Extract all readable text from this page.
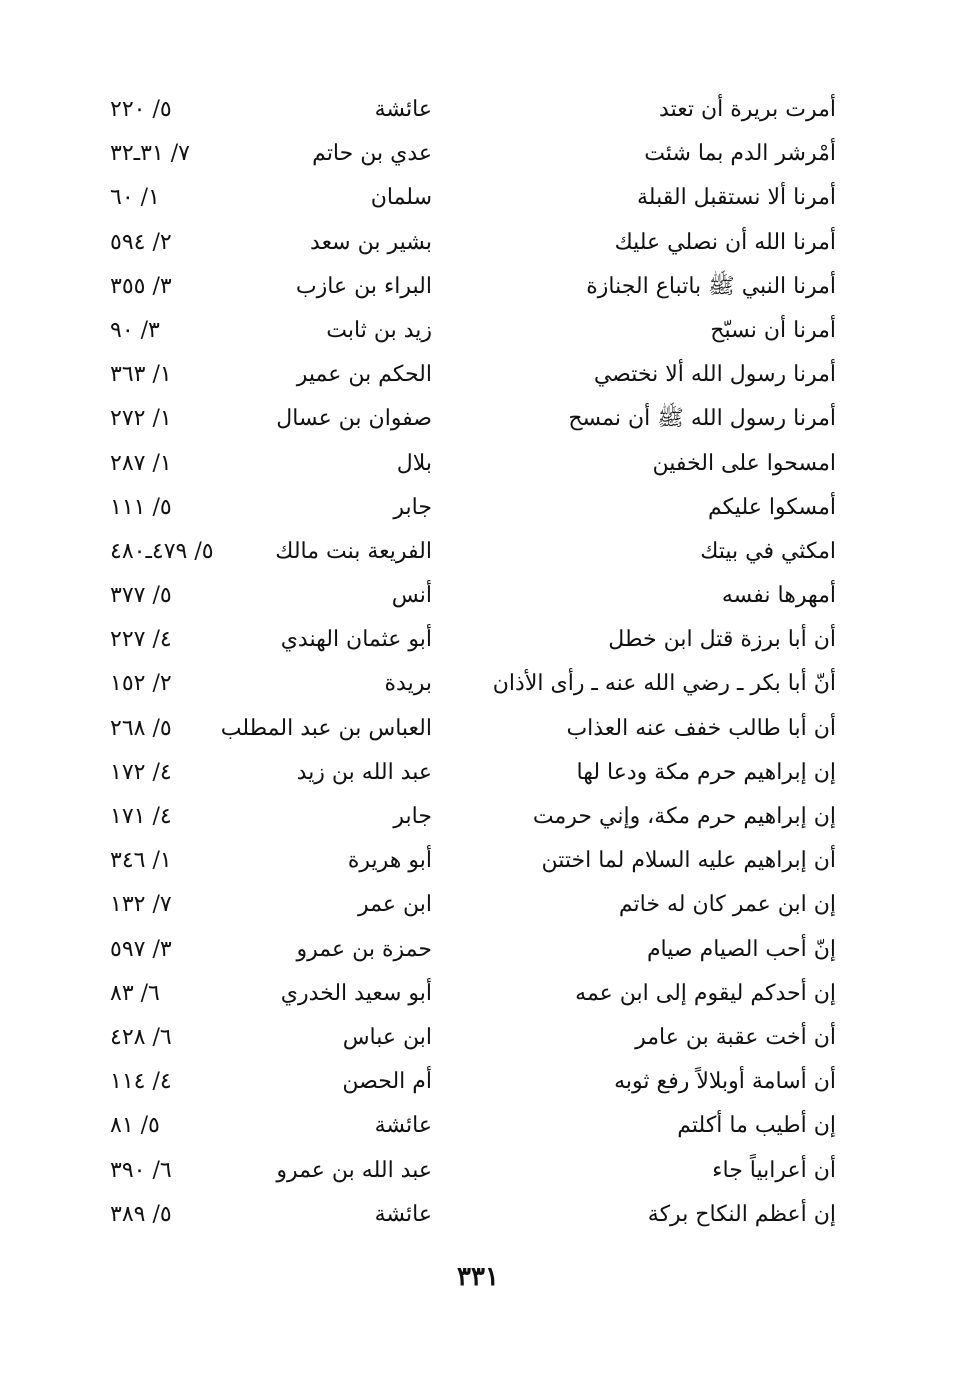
أمرت بريرة أن تعتد
عائشة
٥/ ٢٢٠
أمْرشر الدم بما شئت
عدي بن حاتم
٧/ ٣١ـ٣٢
أمرنا ألا نستقبل القبلة
سلمان
١/ ٦٠
أمرنا الله أن نصلي عليك
بشير بن سعد
٢/ ٥٩٤
أمرنا النبي ﷺ باتباع الجنازة
البراء بن عازب
٣/ ٣٥٥
أمرنا أن نسبّح
زيد بن ثابت
٣/ ٩٠
أمرنا رسول الله ألا نختصي
الحكم بن عمير
١/ ٣٦٣
أمرنا رسول الله ﷺ أن نمسح
صفوان بن عسال
١/ ٢٧٢
امسحوا على الخفين
بلال
١/ ٢٨٧
أمسكوا عليكم
جابر
٥/ ١١١
امكثي في بيتك
الفريعة بنت مالك
٥/ ٤٧٩ـ٤٨٠
أمهرها نفسه
أنس
٥/ ٣٧٧
أن أبا برزة قتل ابن خطل
أبو عثمان الهندي
٤/ ٢٢٧
أنّ أبا بكر ـ رضي الله عنه ـ رأى الأذان
بريدة
٢/ ١٥٢
أن أبا طالب خفف عنه العذاب
العباس بن عبد المطلب
٥/ ٢٦٨
إن إبراهيم حرم مكة ودعا لها
عبد الله بن زيد
٤/ ١٧٢
إن إبراهيم حرم مكة، وإني حرمت
جابر
٤/ ١٧١
أن إبراهيم عليه السلام لما اختتن
أبو هريرة
١/ ٣٤٦
إن ابن عمر كان له خاتم
ابن عمر
٧/ ١٣٢
إنّ أحب الصيام صيام
حمزة بن عمرو
٣/ ٥٩٧
إن أحدكم ليقوم إلى ابن عمه
أبو سعيد الخدري
٦/ ٨٣
أن أخت عقبة بن عامر
ابن عباس
٦/ ٤٢٨
أن أسامة أوبلالاً رفع ثوبه
أم الحصن
٤/ ١١٤
إن أطيب ما أكلتم
عائشة
٥/ ٨١
أن أعرابياً جاء
عبد الله بن عمرو
٦/ ٣٩٠
إن أعظم النكاح بركة
عائشة
٥/ ٣٨٩
٣٣١
